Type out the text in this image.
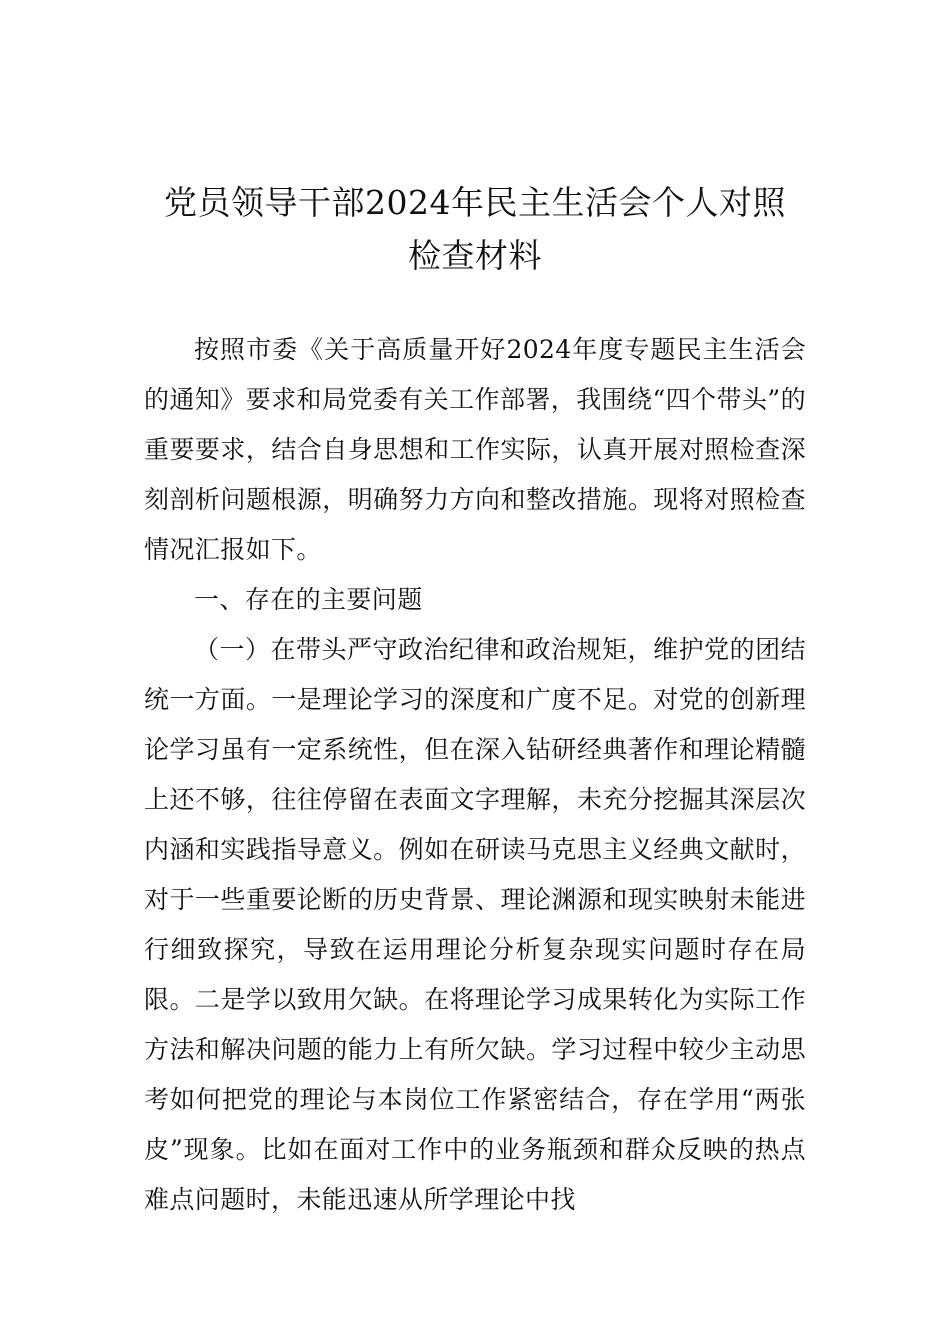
党员领导干部2024年民主生活会个人对照
检查材料

按照市委《关于高质量开好2024年度专题民主生活会的通知》要求和局党委有关工作部署，我围绕“四个带头”的重要要求，结合自身思想和工作实际，认真开展对照检查深刻剖析问题根源，明确努力方向和整改措施。现将对照检查情况汇报如下。

一、存在的主要问题

（一）在带头严守政治纪律和政治规矩，维护党的团结统一方面。一是理论学习的深度和广度不足。对党的创新理论学习虽有一定系统性，但在深入钻研经典著作和理论精髓上还不够，往往停留在表面文字理解，未充分挖掘其深层次内涵和实践指导意义。例如在研读马克思主义经典文献时，对于一些重要论断的历史背景、理论渊源和现实映射未能进行细致探究，导致在运用理论分析复杂现实问题时存在局限。二是学以致用欠缺。在将理论学习成果转化为实际工作方法和解决问题的能力上有所欠缺。学习过程中较少主动思考如何把党的理论与本岗位工作紧密结合，存在学用“两张皮”现象。比如在面对工作中的业务瓶颈和群众反映的热点难点问题时，未能迅速从所学理论中找
